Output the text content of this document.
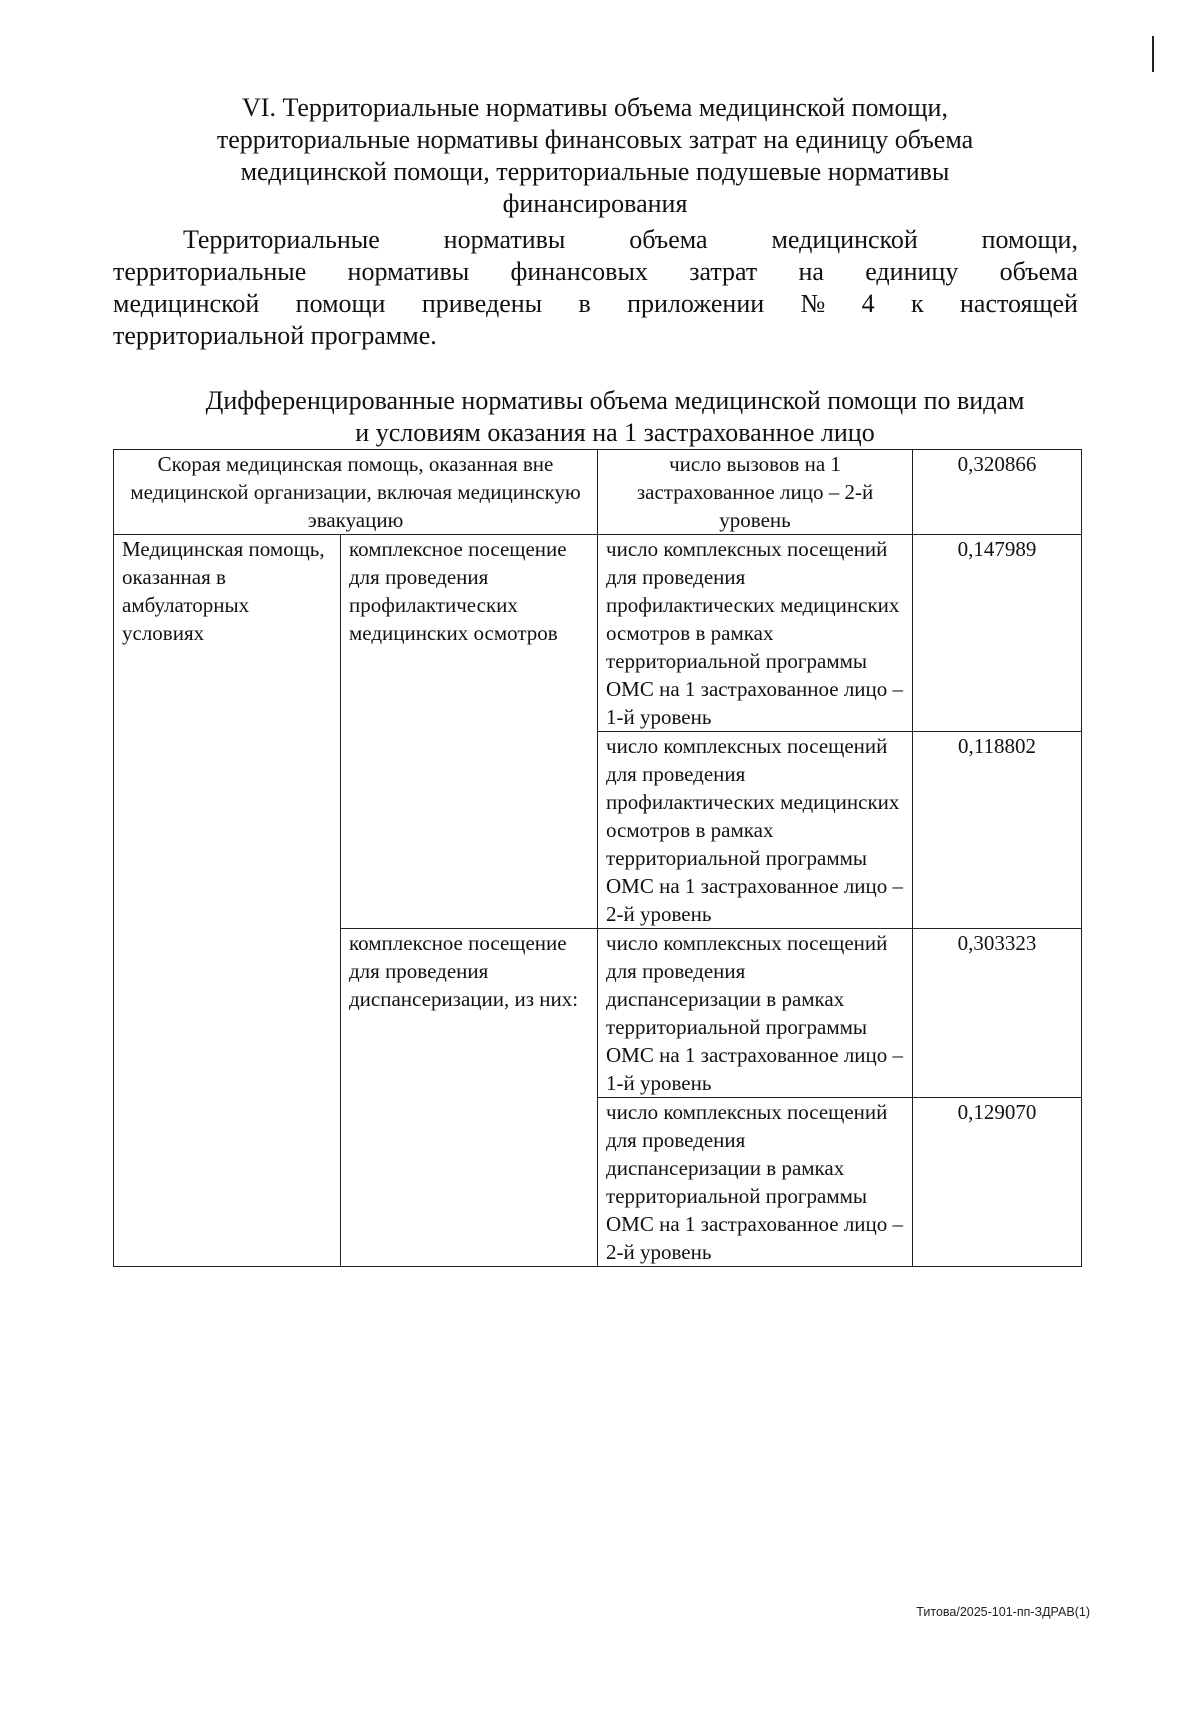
VI. Территориальные нормативы объема медицинской помощи,
территориальные нормативы финансовых затрат на единицу объема
медицинской помощи, территориальные подушевые нормативы
финансирования
Территориальные нормативы объема медицинской помощи,
территориальные нормативы финансовых затрат на единицу объема
медицинской помощи приведены в приложении № 4 к настоящей
территориальной программе.
Дифференцированные нормативы объема медицинской помощи по видам
и условиям оказания на 1 застрахованное лицо
Скорая медицинская помощь, оказанная вне медицинской организации, включая медицинскую эвакуацию		число вызовов на 1 застрахованное лицо – 2-й уровень	0,320866
Медицинская помощь, оказанная в амбулаторных условиях	комплексное посещение для проведения профилактических медицинских осмотров	число комплексных посещений для проведения профилактических медицинских осмотров в рамках территориальной программы ОМС на 1 застрахованное лицо – 1-й уровень	0,147989
		число комплексных посещений для проведения профилактических медицинских осмотров в рамках территориальной программы ОМС на 1 застрахованное лицо – 2-й уровень	0,118802
	комплексное посещение для проведения диспансеризации, из них:	число комплексных посещений для проведения диспансеризации в рамках территориальной программы ОМС на 1 застрахованное лицо – 1-й уровень	0,303323
		число комплексных посещений для проведения диспансеризации в рамках территориальной программы ОМС на 1 застрахованное лицо – 2-й уровень	0,129070
Титова/2025-101-пп-ЗДРАВ(1)
